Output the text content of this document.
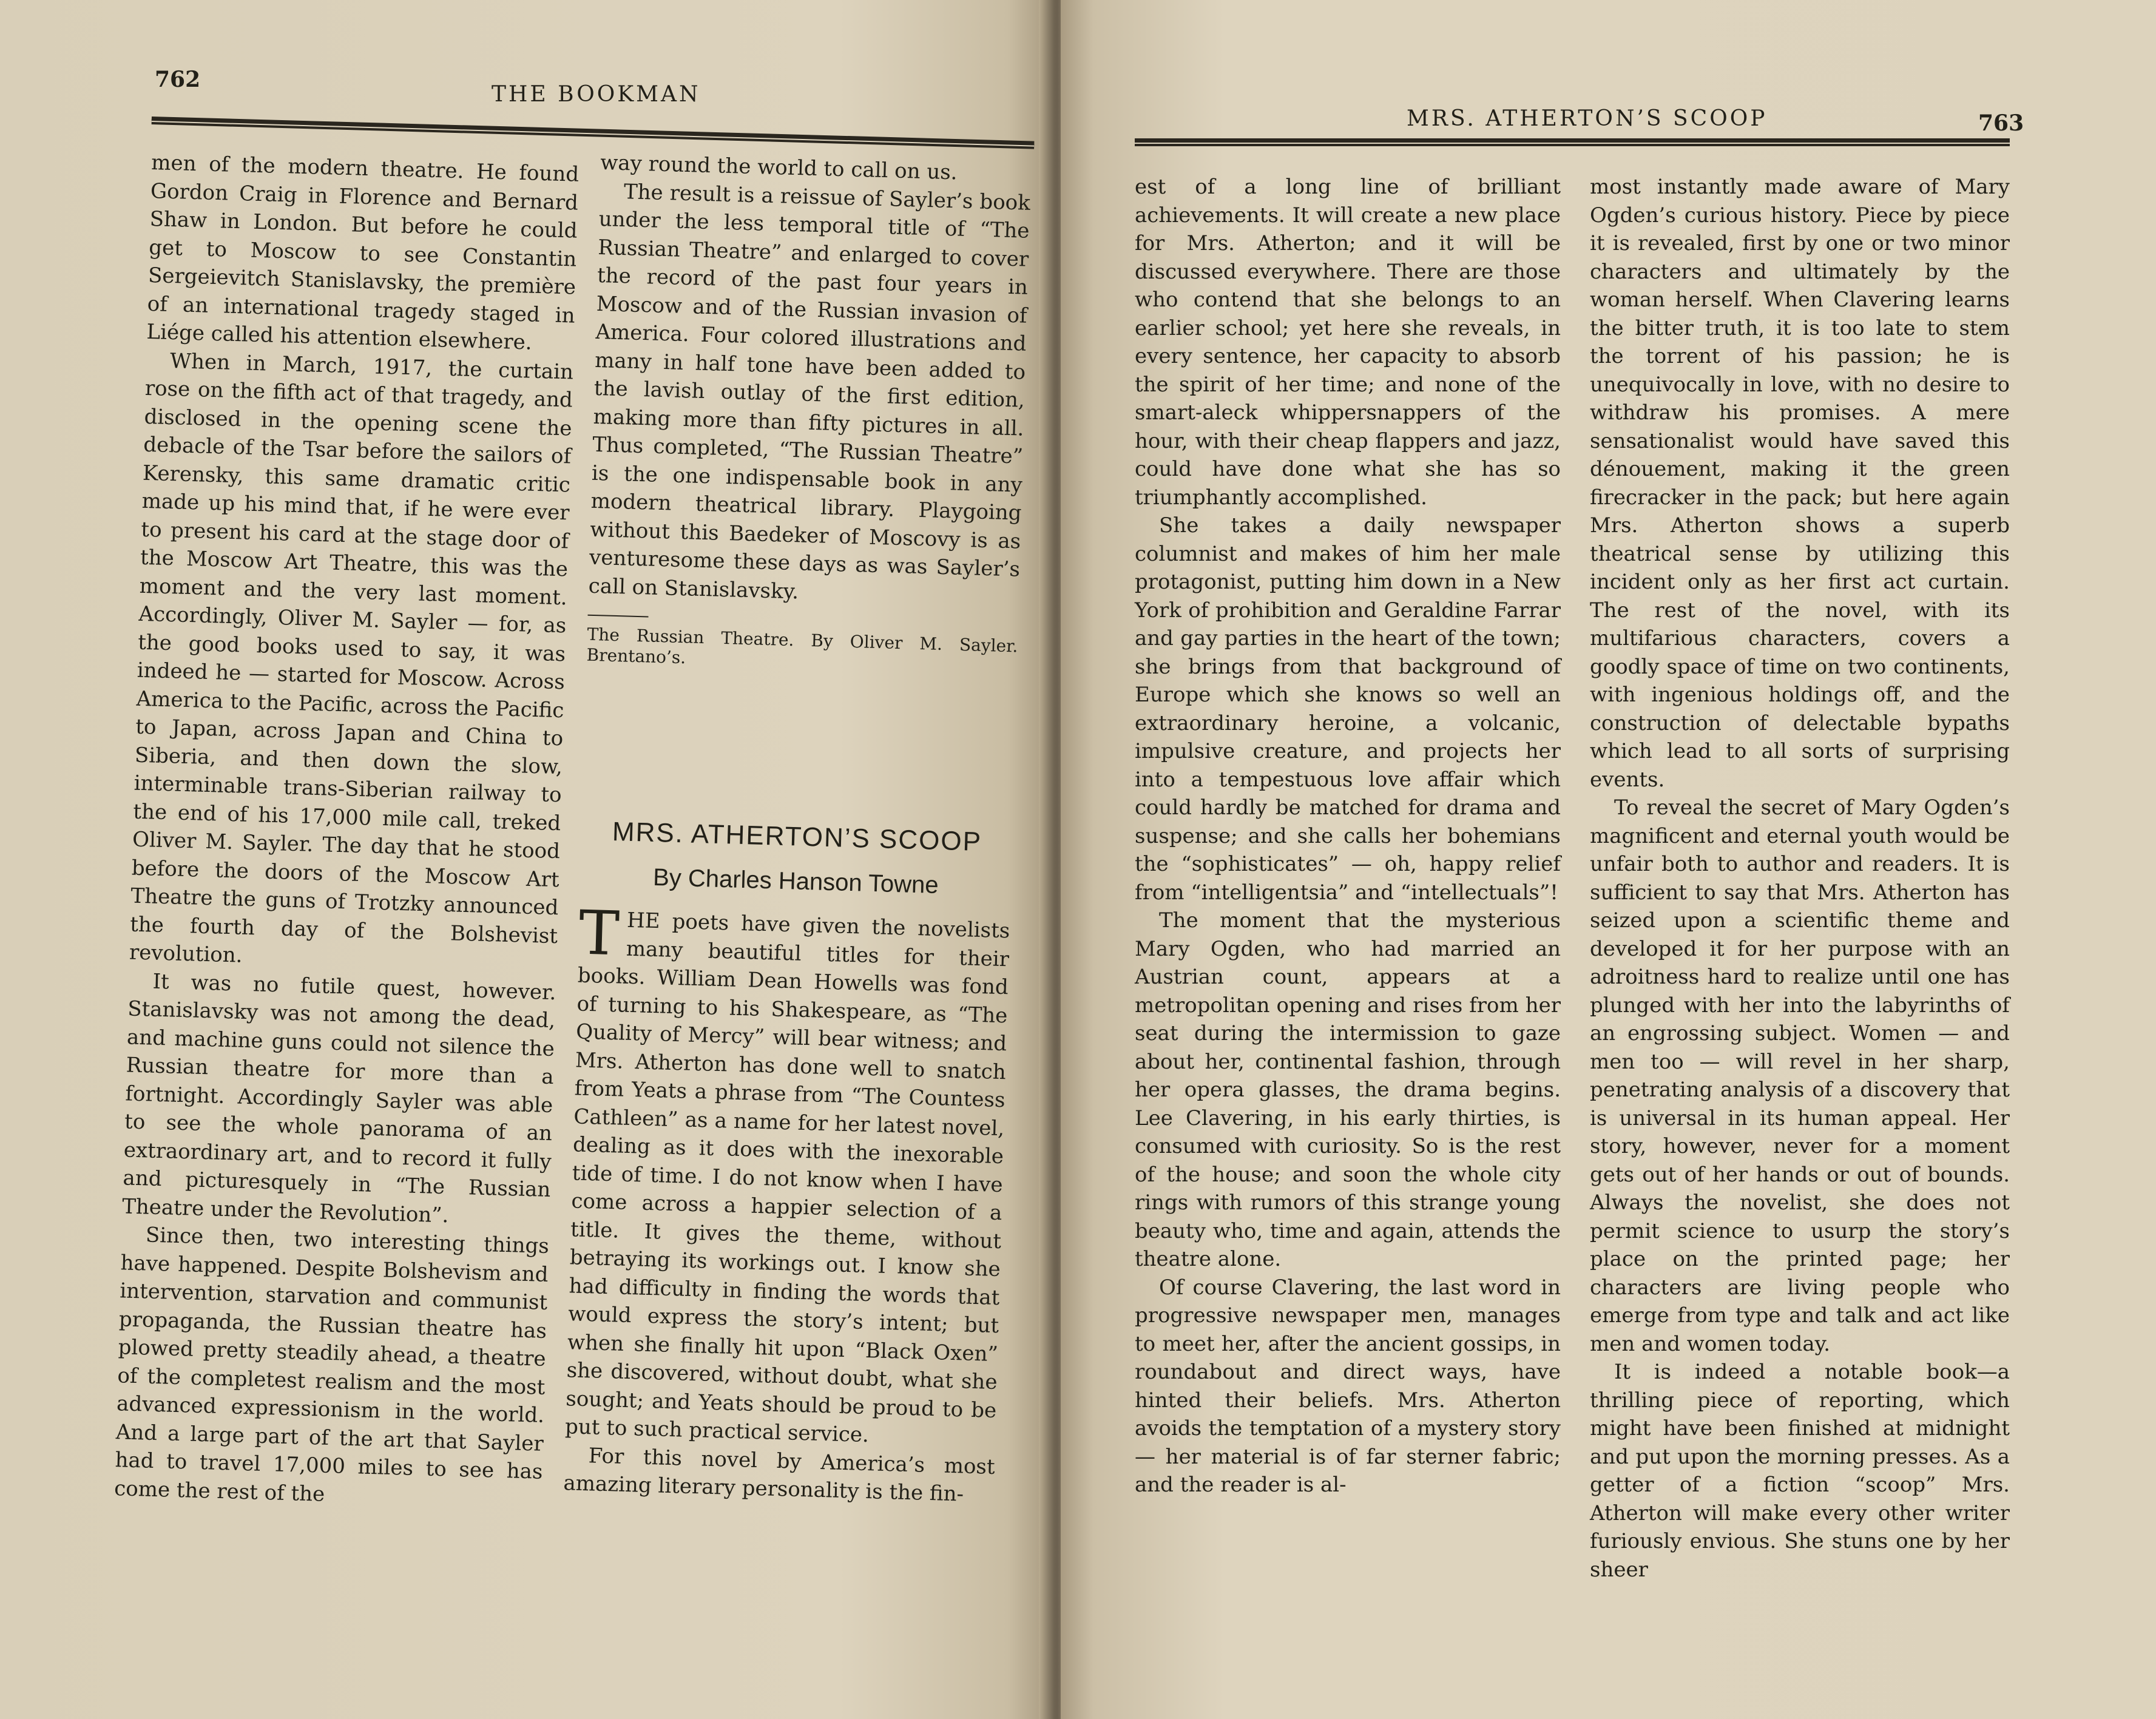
762
THE BOOKMAN

men of the modern theatre. He found Gordon Craig in Florence and Bernard Shaw in London. But before he could get to Moscow to see Constantin Sergeievitch Stanislavsky, the première of an international tragedy staged in Liége called his attention elsewhere.

When in March, 1917, the curtain rose on the fifth act of that tragedy, and disclosed in the opening scene the debacle of the Tsar before the sailors of Kerensky, this same dramatic critic made up his mind that, if he were ever to present his card at the stage door of the Moscow Art Theatre, this was the moment and the very last moment. Accordingly, Oliver M. Sayler — for, as the good books used to say, it was indeed he — started for Moscow. Across America to the Pacific, across the Pacific to Japan, across Japan and China to Siberia, and then down the slow, interminable trans-Siberian railway to the end of his 17,000 mile call, treked Oliver M. Sayler. The day that he stood before the doors of the Moscow Art Theatre the guns of Trotzky announced the fourth day of the Bolshevist revolution.

It was no futile quest, however. Stanislavsky was not among the dead, and machine guns could not silence the Russian theatre for more than a fortnight. Accordingly Sayler was able to see the whole panorama of an extraordinary art, and to record it fully and picturesquely in “The Russian Theatre under the Revolution”.

Since then, two interesting things have happened. Despite Bolshevism and intervention, starvation and communist propaganda, the Russian theatre has plowed pretty steadily ahead, a theatre of the completest realism and the most advanced expressionism in the world. And a large part of the art that Sayler had to travel 17,000 miles to see has come the rest of the

way round the world to call on us.

The result is a reissue of Sayler’s book under the less temporal title of “The Russian Theatre” and enlarged to cover the record of the past four years in Moscow and of the Russian invasion of America. Four colored illustrations and many in half tone have been added to the lavish outlay of the first edition, making more than fifty pictures in all. Thus completed, “The Russian Theatre” is the one indispensable book in any modern theatrical library. Playgoing without this Baedeker of Moscovy is as venturesome these days as was Sayler’s call on Stanislavsky.

The Russian Theatre. By Oliver M. Sayler. Brentano’s.

MRS. ATHERTON’S SCOOP
By Charles Hanson Towne

THE poets have given the novelists many beautiful titles for their books. William Dean Howells was fond of turning to his Shakespeare, as “The Quality of Mercy” will bear witness; and Mrs. Atherton has done well to snatch from Yeats a phrase from “The Countess Cathleen” as a name for her latest novel, dealing as it does with the inexorable tide of time. I do not know when I have come across a happier selection of a title. It gives the theme, without betraying its workings out. I know she had difficulty in finding the words that would express the story’s intent; but when she finally hit upon “Black Oxen” she discovered, without doubt, what she sought; and Yeats should be proud to be put to such practical service.

For this novel by America’s most amazing literary personality is the fin-

MRS. ATHERTON’S SCOOP	763

est of a long line of brilliant achievements. It will create a new place for Mrs. Atherton; and it will be discussed everywhere. There are those who contend that she belongs to an earlier school; yet here she reveals, in every sentence, her capacity to absorb the spirit of her time; and none of the smart-aleck whippersnappers of the hour, with their cheap flappers and jazz, could have done what she has so triumphantly accomplished.

She takes a daily newspaper columnist and makes of him her male protagonist, putting him down in a New York of prohibition and Geraldine Farrar and gay parties in the heart of the town; she brings from that background of Europe which she knows so well an extraordinary heroine, a volcanic, impulsive creature, and projects her into a tempestuous love affair which could hardly be matched for drama and suspense; and she calls her bohemians the “sophisticates” — oh, happy relief from “intelligentsia” and “intellectuals”!

The moment that the mysterious Mary Ogden, who had married an Austrian count, appears at a metropolitan opening and rises from her seat during the intermission to gaze about her, continental fashion, through her opera glasses, the drama begins. Lee Clavering, in his early thirties, is consumed with curiosity. So is the rest of the house; and soon the whole city rings with rumors of this strange young beauty who, time and again, attends the theatre alone.

Of course Clavering, the last word in progressive newspaper men, manages to meet her, after the ancient gossips, in roundabout and direct ways, have hinted their beliefs. Mrs. Atherton avoids the temptation of a mystery story — her material is of far sterner fabric; and the reader is al-

most instantly made aware of Mary Ogden’s curious history. Piece by piece it is revealed, first by one or two minor characters and ultimately by the woman herself. When Clavering learns the bitter truth, it is too late to stem the torrent of his passion; he is unequivocally in love, with no desire to withdraw his promises. A mere sensationalist would have saved this dénouement, making it the green firecracker in the pack; but here again Mrs. Atherton shows a superb theatrical sense by utilizing this incident only as her first act curtain. The rest of the novel, with its multifarious characters, covers a goodly space of time on two continents, with ingenious holdings off, and the construction of delectable bypaths which lead to all sorts of surprising events.

To reveal the secret of Mary Ogden’s magnificent and eternal youth would be unfair both to author and readers. It is sufficient to say that Mrs. Atherton has seized upon a scientific theme and developed it for her purpose with an adroitness hard to realize until one has plunged with her into the labyrinths of an engrossing subject. Women — and men too — will revel in her sharp, penetrating analysis of a discovery that is universal in its human appeal. Her story, however, never for a moment gets out of her hands or out of bounds. Always the novelist, she does not permit science to usurp the story’s place on the printed page; her characters are living people who emerge from type and talk and act like men and women today.

It is indeed a notable book—a thrilling piece of reporting, which might have been finished at midnight and put upon the morning presses. As a getter of a fiction “scoop” Mrs. Atherton will make every other writer furiously envious. She stuns one by her sheer
